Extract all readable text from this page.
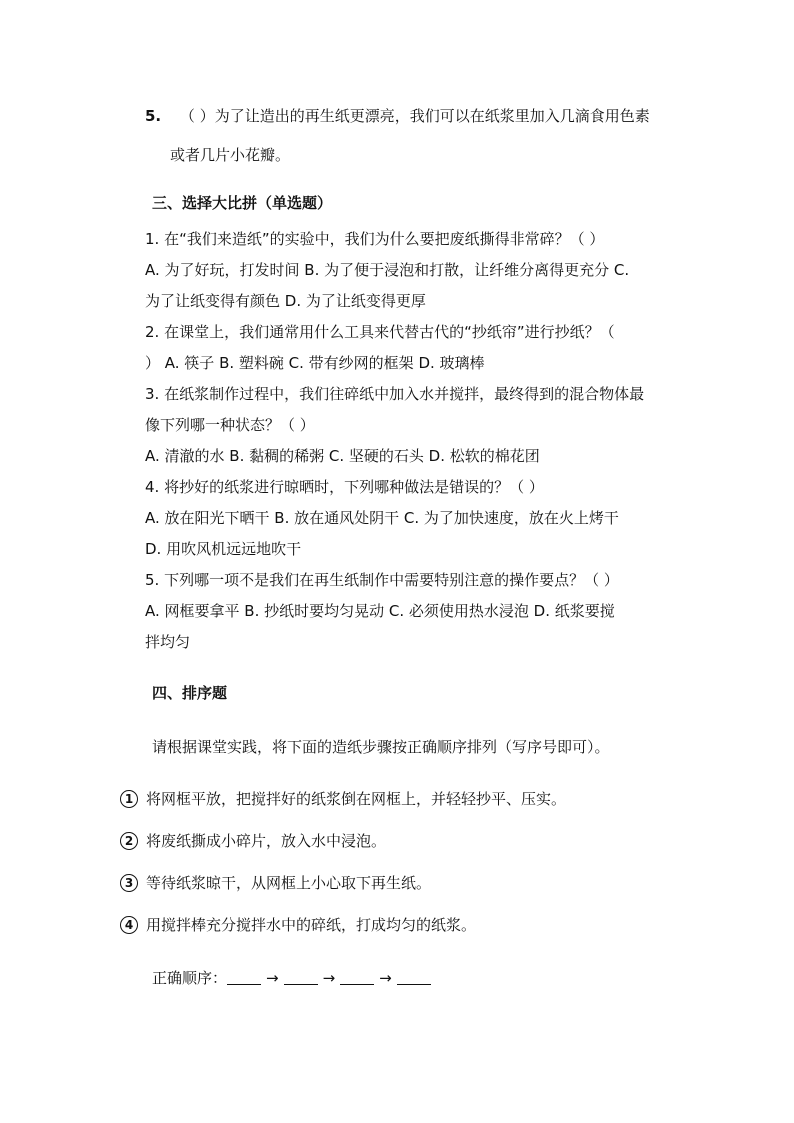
5. （ ）为了让造出的再生纸更漂亮，我们可以在纸浆里加入几滴食用色素
或者几片小花瓣。
三、选择大比拼（单选题）
1. 在“我们来造纸”的实验中，我们为什么要把废纸撕得非常碎？（ ）
A. 为了好玩，打发时间 B. 为了便于浸泡和打散，让纤维分离得更充分 C.
为了让纸变得有颜色 D. 为了让纸变得更厚
2. 在课堂上，我们通常用什么工具来代替古代的“抄纸帘”进行抄纸？（
） A. 筷子 B. 塑料碗 C. 带有纱网的框架 D. 玻璃棒
3. 在纸浆制作过程中，我们往碎纸中加入水并搅拌，最终得到的混合物体最
像下列哪一种状态？（ ）
A. 清澈的水 B. 黏稠的稀粥 C. 坚硬的石头 D. 松软的棉花团
4. 将抄好的纸浆进行晾晒时，下列哪种做法是错误的？（ ）
A. 放在阳光下晒干 B. 放在通风处阴干 C. 为了加快速度，放在火上烤干
D. 用吹风机远远地吹干
5. 下列哪一项不是我们在再生纸制作中需要特别注意的操作要点？（ ）
A. 网框要拿平 B. 抄纸时要均匀晃动 C. 必须使用热水浸泡 D. 纸浆要搅
拌均匀
四、排序题
请根据课堂实践，将下面的造纸步骤按正确顺序排列（写序号即可）。
1 将网框平放，把搅拌好的纸浆倒在网框上，并轻轻抄平、压实。
2 将废纸撕成小碎片，放入水中浸泡。
3 等待纸浆晾干，从网框上小心取下再生纸。
4 用搅拌棒充分搅拌水中的碎纸，打成均匀的纸浆。
正确顺序：	→	→	→
